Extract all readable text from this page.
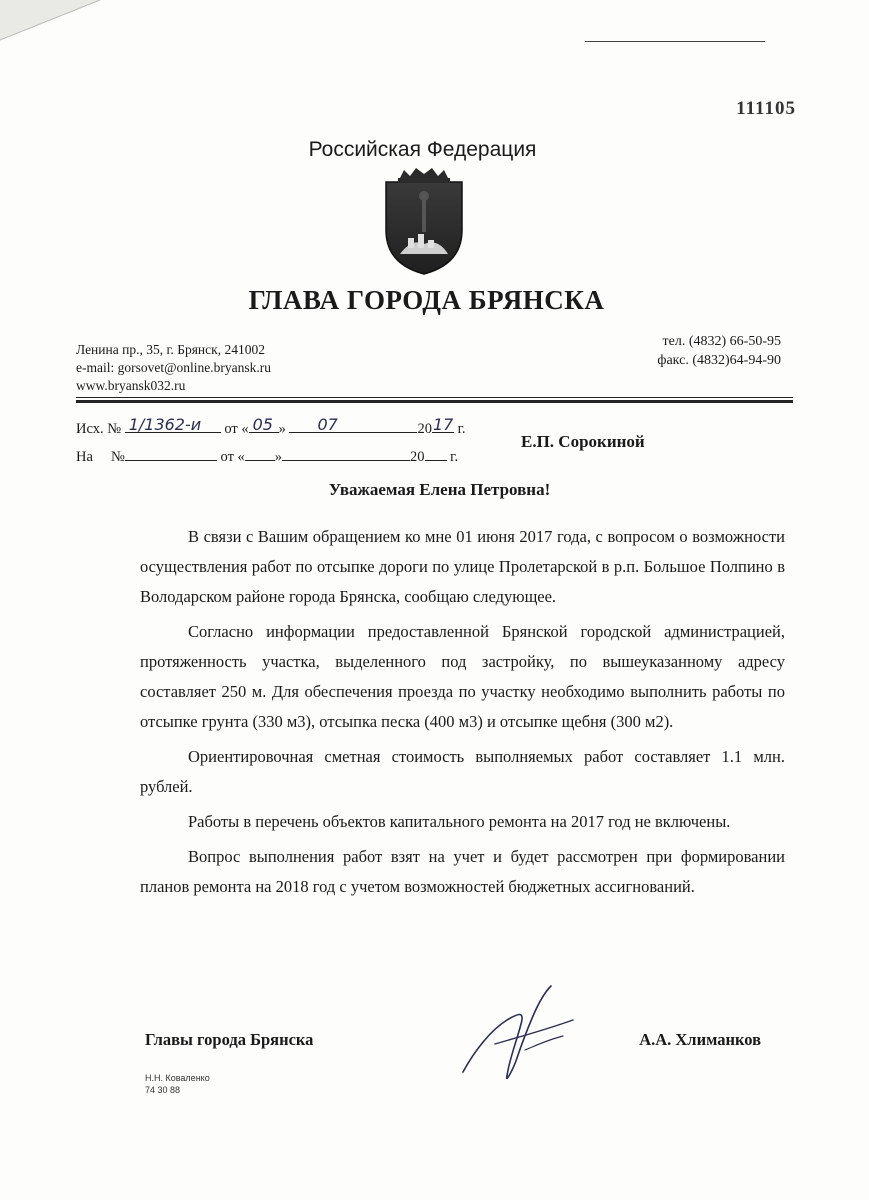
111105
Российская Федерация
ГЛАВА ГОРОДА БРЯНСКА
Ленина пр., 35, г. Брянск, 241002
e-mail: gorsovet@online.bryansk.ru
www.bryansk032.ru
тел. (4832) 66-50-95
факс. (4832)64-94-90
Исх. № 1/1362-и от « 05 » 07	20 17 г.
На №	от « »	20 г.
Е.П. Сорокиной
Уважаемая Елена Петровна!

В связи с Вашим обращением ко мне 01 июня 2017 года, с вопросом о возможности осуществления работ по отсыпке дороги по улице Пролетарской в р.п. Большое Полпино в Володарском районе города Брянска, сообщаю следующее.

Согласно информации предоставленной Брянской городской администрацией, протяженность участка, выделенного под застройку, по вышеуказанному адресу составляет 250 м. Для обеспечения проезда по участку необходимо выполнить работы по отсыпке грунта (330 м3), отсыпка песка (400 м3) и отсыпке щебня (300 м2).

Ориентировочная сметная стоимость выполняемых работ составляет 1.1 млн. рублей.

Работы в перечень объектов капитального ремонта на 2017 год не включены.

Вопрос выполнения работ взят на учет и будет рассмотрен при формировании планов ремонта на 2018 год с учетом возможностей бюджетных ассигнований.

Главы города Брянска	А.А. Хлиманков
Н.Н. Коваленко
74 30 88
